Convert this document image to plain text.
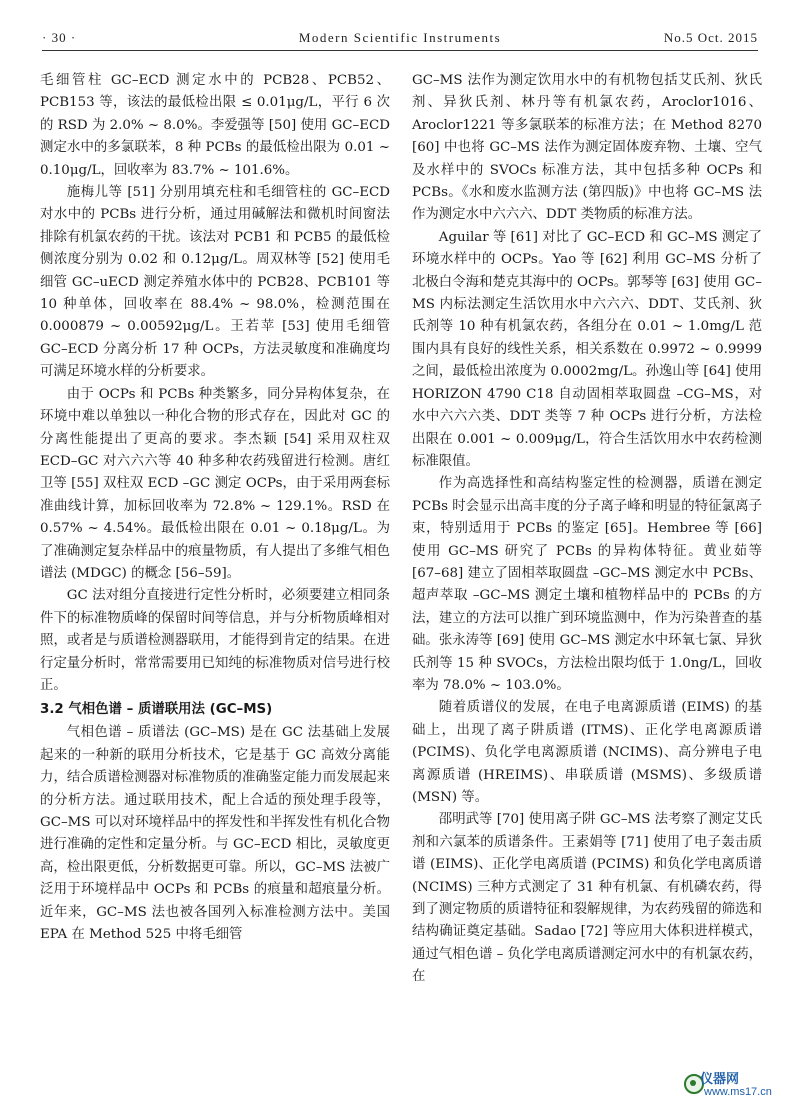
· 30 ·	Modern Scientific Instruments	No.5 Oct. 2015

毛细管柱 GC–ECD 测定水中的 PCB28、PCB52、PCB153 等，该法的最低检出限 ≤ 0.01μg/L，平行 6 次的 RSD 为 2.0% ~ 8.0%。李爱强等 [50] 使用 GC–ECD 测定水中的多氯联苯，8 种 PCBs 的最低检出限为 0.01 ~ 0.10μg/L，回收率为 83.7% ~ 101.6%。

施梅儿等 [51] 分别用填充柱和毛细管柱的 GC–ECD 对水中的 PCBs 进行分析，通过用碱解法和微机时间窗法排除有机氯农药的干扰。该法对 PCB1 和 PCB5 的最低检侧浓度分别为 0.02 和 0.12μg/L。周双林等 [52] 使用毛细管 GC–uECD 测定养殖水体中的 PCB28、PCB101 等 10 种单体，回收率在 88.4% ~ 98.0%，检测范围在 0.000879 ~ 0.00592μg/L。王若苹 [53] 使用毛细管 GC–ECD 分离分析 17 种 OCPs，方法灵敏度和准确度均可满足环境水样的分析要求。

由于 OCPs 和 PCBs 种类繁多，同分异构体复杂，在环境中难以单独以一种化合物的形式存在，因此对 GC 的分离性能提出了更高的要求。李杰颖 [54] 采用双柱双 ECD–GC 对六六六等 40 种多种农药残留进行检测。唐红卫等 [55] 双柱双 ECD –GC 测定 OCPs，由于采用两套标准曲线计算，加标回收率为 72.8% ~ 129.1%。RSD 在 0.57% ~ 4.54%。最低检出限在 0.01 ~ 0.18μg/L。为了准确测定复杂样品中的痕量物质，有人提出了多维气相色谱法 (MDGC) 的概念 [56–59]。

GC 法对组分直接进行定性分析时，必须要建立相同条件下的标准物质峰的保留时间等信息，并与分析物质峰相对照，或者是与质谱检测器联用，才能得到肯定的结果。在进行定量分析时，常常需要用已知纯的标准物质对信号进行校正。

3.2 气相色谱 – 质谱联用法 (GC–MS)

气相色谱 – 质谱法 (GC–MS) 是在 GC 法基础上发展起来的一种新的联用分析技术，它是基于 GC 高效分离能力，结合质谱检测器对标准物质的准确鉴定能力而发展起来的分析方法。通过联用技术，配上合适的预处理手段等，GC–MS 可以对环境样品中的挥发性和半挥发性有机化合物进行准确的定性和定量分析。与 GC–ECD 相比，灵敏度更高，检出限更低，分析数据更可靠。所以，GC–MS 法被广泛用于环境样品中 OCPs 和 PCBs 的痕量和超痕量分析。近年来，GC–MS 法也被各国列入标准检测方法中。美国 EPA 在 Method 525 中将毛细管

GC–MS 法作为测定饮用水中的有机物包括艾氏剂、狄氏剂、异狄氏剂、林丹等有机氯农药，Aroclor1016、Aroclor1221 等多氯联苯的标准方法；在 Method 8270 [60] 中也将 GC–MS 法作为测定固体废弃物、土壤、空气及水样中的 SVOCs 标准方法，其中包括多种 OCPs 和 PCBs。《水和废水监测方法 (第四版)》中也将 GC–MS 法作为测定水中六六六、DDT 类物质的标准方法。

Aguilar 等 [61] 对比了 GC–ECD 和 GC–MS 测定了环境水样中的 OCPs。Yao 等 [62] 利用 GC–MS 分析了北极白令海和楚克其海中的 OCPs。郭琴等 [63] 使用 GC–MS 内标法测定生活饮用水中六六六、DDT、艾氏剂、狄氏剂等 10 种有机氯农药，各组分在 0.01 ~ 1.0mg/L 范围内具有良好的线性关系，相关系数在 0.9972 ~ 0.9999 之间，最低检出浓度为 0.0002mg/L。孙逸山等 [64] 使用 HORIZON 4790 C18 自动固相萃取圆盘 –CG–MS，对水中六六六类、DDT 类等 7 种 OCPs 进行分析，方法检出限在 0.001 ~ 0.009μg/L，符合生活饮用水中农药检测标准限值。

作为高选择性和高结构鉴定性的检测器，质谱在测定 PCBs 时会显示出高丰度的分子离子峰和明显的特征氯离子束，特别适用于 PCBs 的鉴定 [65]。Hembree 等 [66] 使用 GC–MS 研究了 PCBs 的异构体特征。黄业茹等 [67–68] 建立了固相萃取圆盘 –GC–MS 测定水中 PCBs、超声萃取 –GC–MS 测定土壤和植物样品中的 PCBs 的方法，建立的方法可以推广到环境监测中，作为污染普查的基础。张永涛等 [69] 使用 GC–MS 测定水中环氧七氯、异狄氏剂等 15 种 SVOCs，方法检出限均低于 1.0ng/L，回收率为 78.0% ~ 103.0%。

随着质谱仪的发展，在电子电离源质谱 (EIMS) 的基础上，出现了离子阱质谱 (ITMS)、正化学电离源质谱 (PCIMS)、负化学电离源质谱 (NCIMS)、高分辨电子电离源质谱 (HREIMS)、串联质谱 (MSMS)、多级质谱 (MSN) 等。

邵明武等 [70] 使用离子阱 GC–MS 法考察了测定艾氏剂和六氯苯的质谱条件。王素娟等 [71] 使用了电子轰击质谱 (EIMS)、正化学电离质谱 (PCIMS) 和负化学电离质谱 (NCIMS) 三种方式测定了 31 种有机氯、有机磷农药，得到了测定物质的质谱特征和裂解规律，为农药残留的筛选和结构确证奠定基础。Sadao [72] 等应用大体积进样模式，通过气相色谱 – 负化学电离质谱测定河水中的有机氯农药，在

仪器网
www.ms17.cn
